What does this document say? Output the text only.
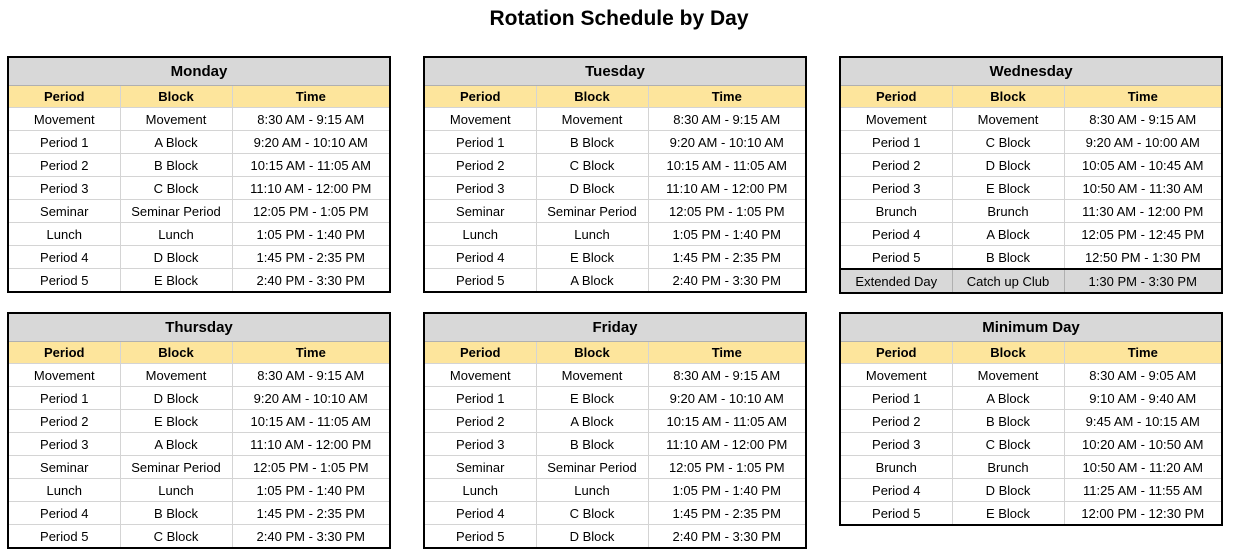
Rotation Schedule by Day
Monday		
Period	Block	Time
Movement	Movement	8:30 AM - 9:15 AM
Period 1	A Block	9:20 AM - 10:10 AM
Period 2	B Block	10:15 AM - 11:05 AM
Period 3	C Block	11:10 AM - 12:00 PM
Seminar	Seminar Period	12:05 PM - 1:05 PM
Lunch	Lunch	1:05 PM - 1:40 PM
Period 4	D Block	1:45 PM - 2:35 PM
Period 5	E Block	2:40 PM - 3:30 PM
Tuesday		
Period	Block	Time
Movement	Movement	8:30 AM - 9:15 AM
Period 1	B Block	9:20 AM - 10:10 AM
Period 2	C Block	10:15 AM - 11:05 AM
Period 3	D Block	11:10 AM - 12:00 PM
Seminar	Seminar Period	12:05 PM - 1:05 PM
Lunch	Lunch	1:05 PM - 1:40 PM
Period 4	E Block	1:45 PM - 2:35 PM
Period 5	A Block	2:40 PM - 3:30 PM
Wednesday		
Period	Block	Time
Movement	Movement	8:30 AM - 9:15 AM
Period 1	C Block	9:20 AM - 10:00 AM
Period 2	D Block	10:05 AM - 10:45 AM
Period 3	E Block	10:50 AM - 11:30 AM
Brunch	Brunch	11:30 AM - 12:00 PM
Period 4	A Block	12:05 PM - 12:45 PM
Period 5	B Block	12:50 PM - 1:30 PM
Extended Day	Catch up Club	1:30 PM - 3:30 PM
Thursday		
Period	Block	Time
Movement	Movement	8:30 AM - 9:15 AM
Period 1	D Block	9:20 AM - 10:10 AM
Period 2	E Block	10:15 AM - 11:05 AM
Period 3	A Block	11:10 AM - 12:00 PM
Seminar	Seminar Period	12:05 PM - 1:05 PM
Lunch	Lunch	1:05 PM - 1:40 PM
Period 4	B Block	1:45 PM - 2:35 PM
Period 5	C Block	2:40 PM - 3:30 PM
Friday		
Period	Block	Time
Movement	Movement	8:30 AM - 9:15 AM
Period 1	E Block	9:20 AM - 10:10 AM
Period 2	A Block	10:15 AM - 11:05 AM
Period 3	B Block	11:10 AM - 12:00 PM
Seminar	Seminar Period	12:05 PM - 1:05 PM
Lunch	Lunch	1:05 PM - 1:40 PM
Period 4	C Block	1:45 PM - 2:35 PM
Period 5	D Block	2:40 PM - 3:30 PM
Minimum Day		
Period	Block	Time
Movement	Movement	8:30 AM - 9:05 AM
Period 1	A Block	9:10 AM - 9:40 AM
Period 2	B Block	9:45 AM - 10:15 AM
Period 3	C Block	10:20 AM - 10:50 AM
Brunch	Brunch	10:50 AM - 11:20 AM
Period 4	D Block	11:25 AM - 11:55 AM
Period 5	E Block	12:00 PM - 12:30 PM
